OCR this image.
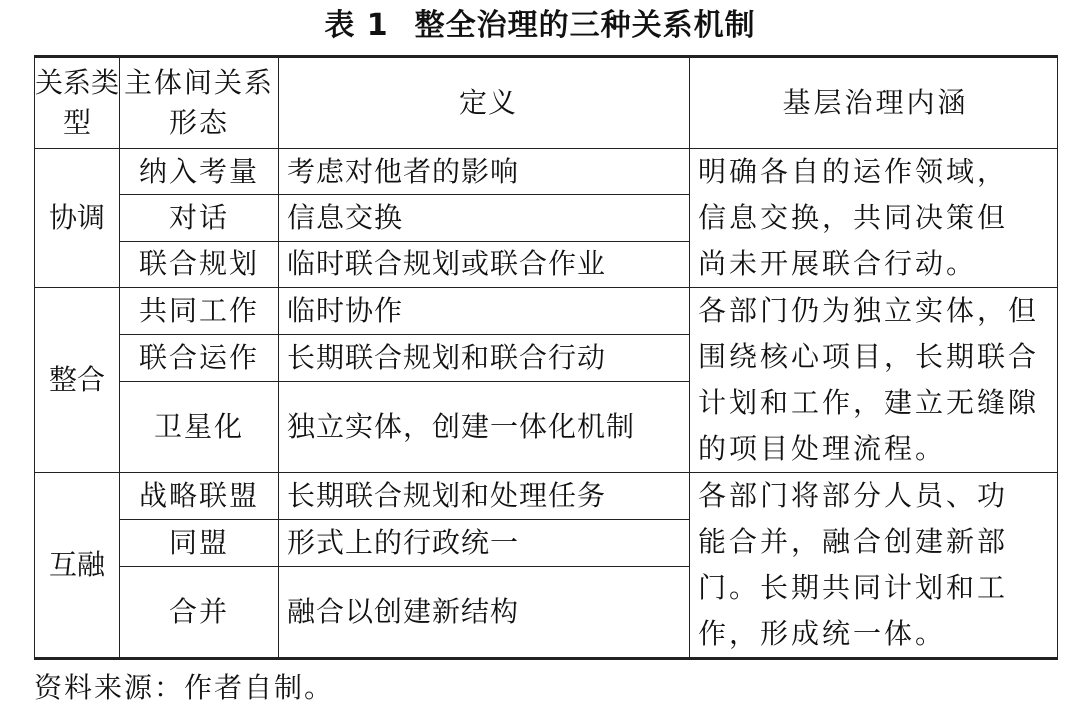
表 1 整全治理的三种关系机制
关系类型	主体间关系形态	定义	基层治理内涵
协调	纳入考量	考虑对他者的影响	明确各自的运作领域，
信息交换，共同决策但
尚未开展联合行动。

	对话	信息交换	
	联合规划	临时联合规划或联合作业	
整合	共同工作	临时协作	各部门仍为独立实体，但
围绕核心项目，长期联合
计划和工作，建立无缝隙
的项目处理流程。

	联合运作	长期联合规划和联合行动	
	卫星化	独立实体，创建一体化机制	
互融	战略联盟	长期联合规划和处理任务	各部门将部分人员、功
能合并，融合创建新部
门。长期共同计划和工
作，形成统一体。

	同盟	形式上的行政统一	
	合并	融合以创建新结构	
资料来源：作者自制。
